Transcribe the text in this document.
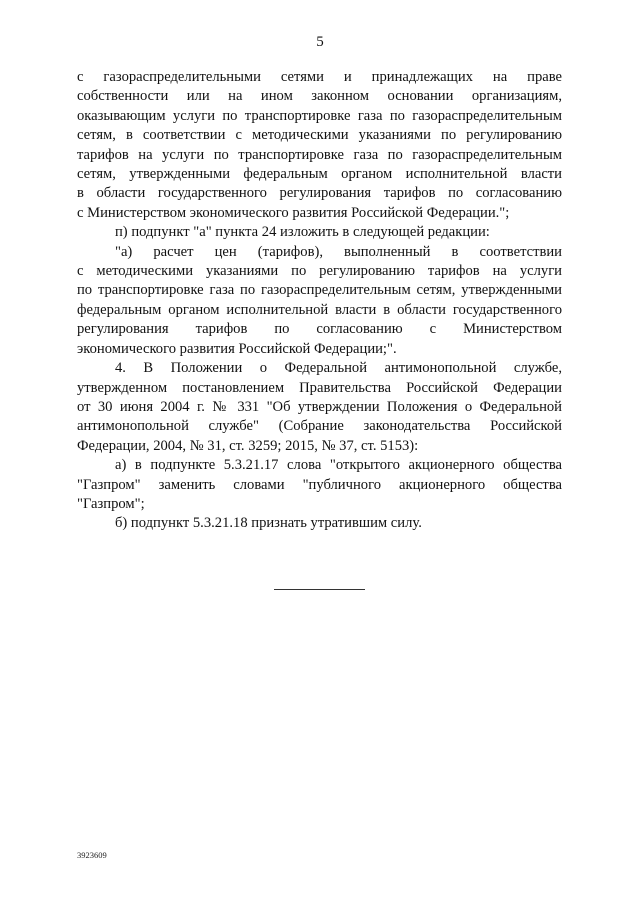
5

с газораспределительными сетями и принадлежащих на праве
собственности или на ином законном основании организациям,
оказывающим услуги по транспортировке газа по газораспределительным
сетям, в соответствии с методическими указаниями по регулированию
тарифов на услуги по транспортировке газа по газораспределительным
сетям, утвержденными федеральным органом исполнительной власти
в области государственного регулирования тарифов по согласованию
с Министерством экономического развития Российской Федерации.";

п) подпункт "а" пункта 24 изложить в следующей редакции:

"а) расчет цен (тарифов), выполненный в соответствии
с методическими указаниями по регулированию тарифов на услуги
по транспортировке газа по газораспределительным сетям, утвержденными
федеральным органом исполнительной власти в области государственного
регулирования тарифов по согласованию с Министерством
экономического развития Российской Федерации;".

4. В Положении о Федеральной антимонопольной службе,
утвержденном постановлением Правительства Российской Федерации
от 30 июня 2004 г. № 331 "Об утверждении Положения о Федеральной
антимонопольной службе" (Собрание законодательства Российской
Федерации, 2004, № 31, ст. 3259; 2015, № 37, ст. 5153):

а) в подпункте 5.3.21.17 слова "открытого акционерного общества
"Газпром" заменить словами "публичного акционерного общества
"Газпром";

б) подпункт 5.3.21.18 признать утратившим силу.

3923609
